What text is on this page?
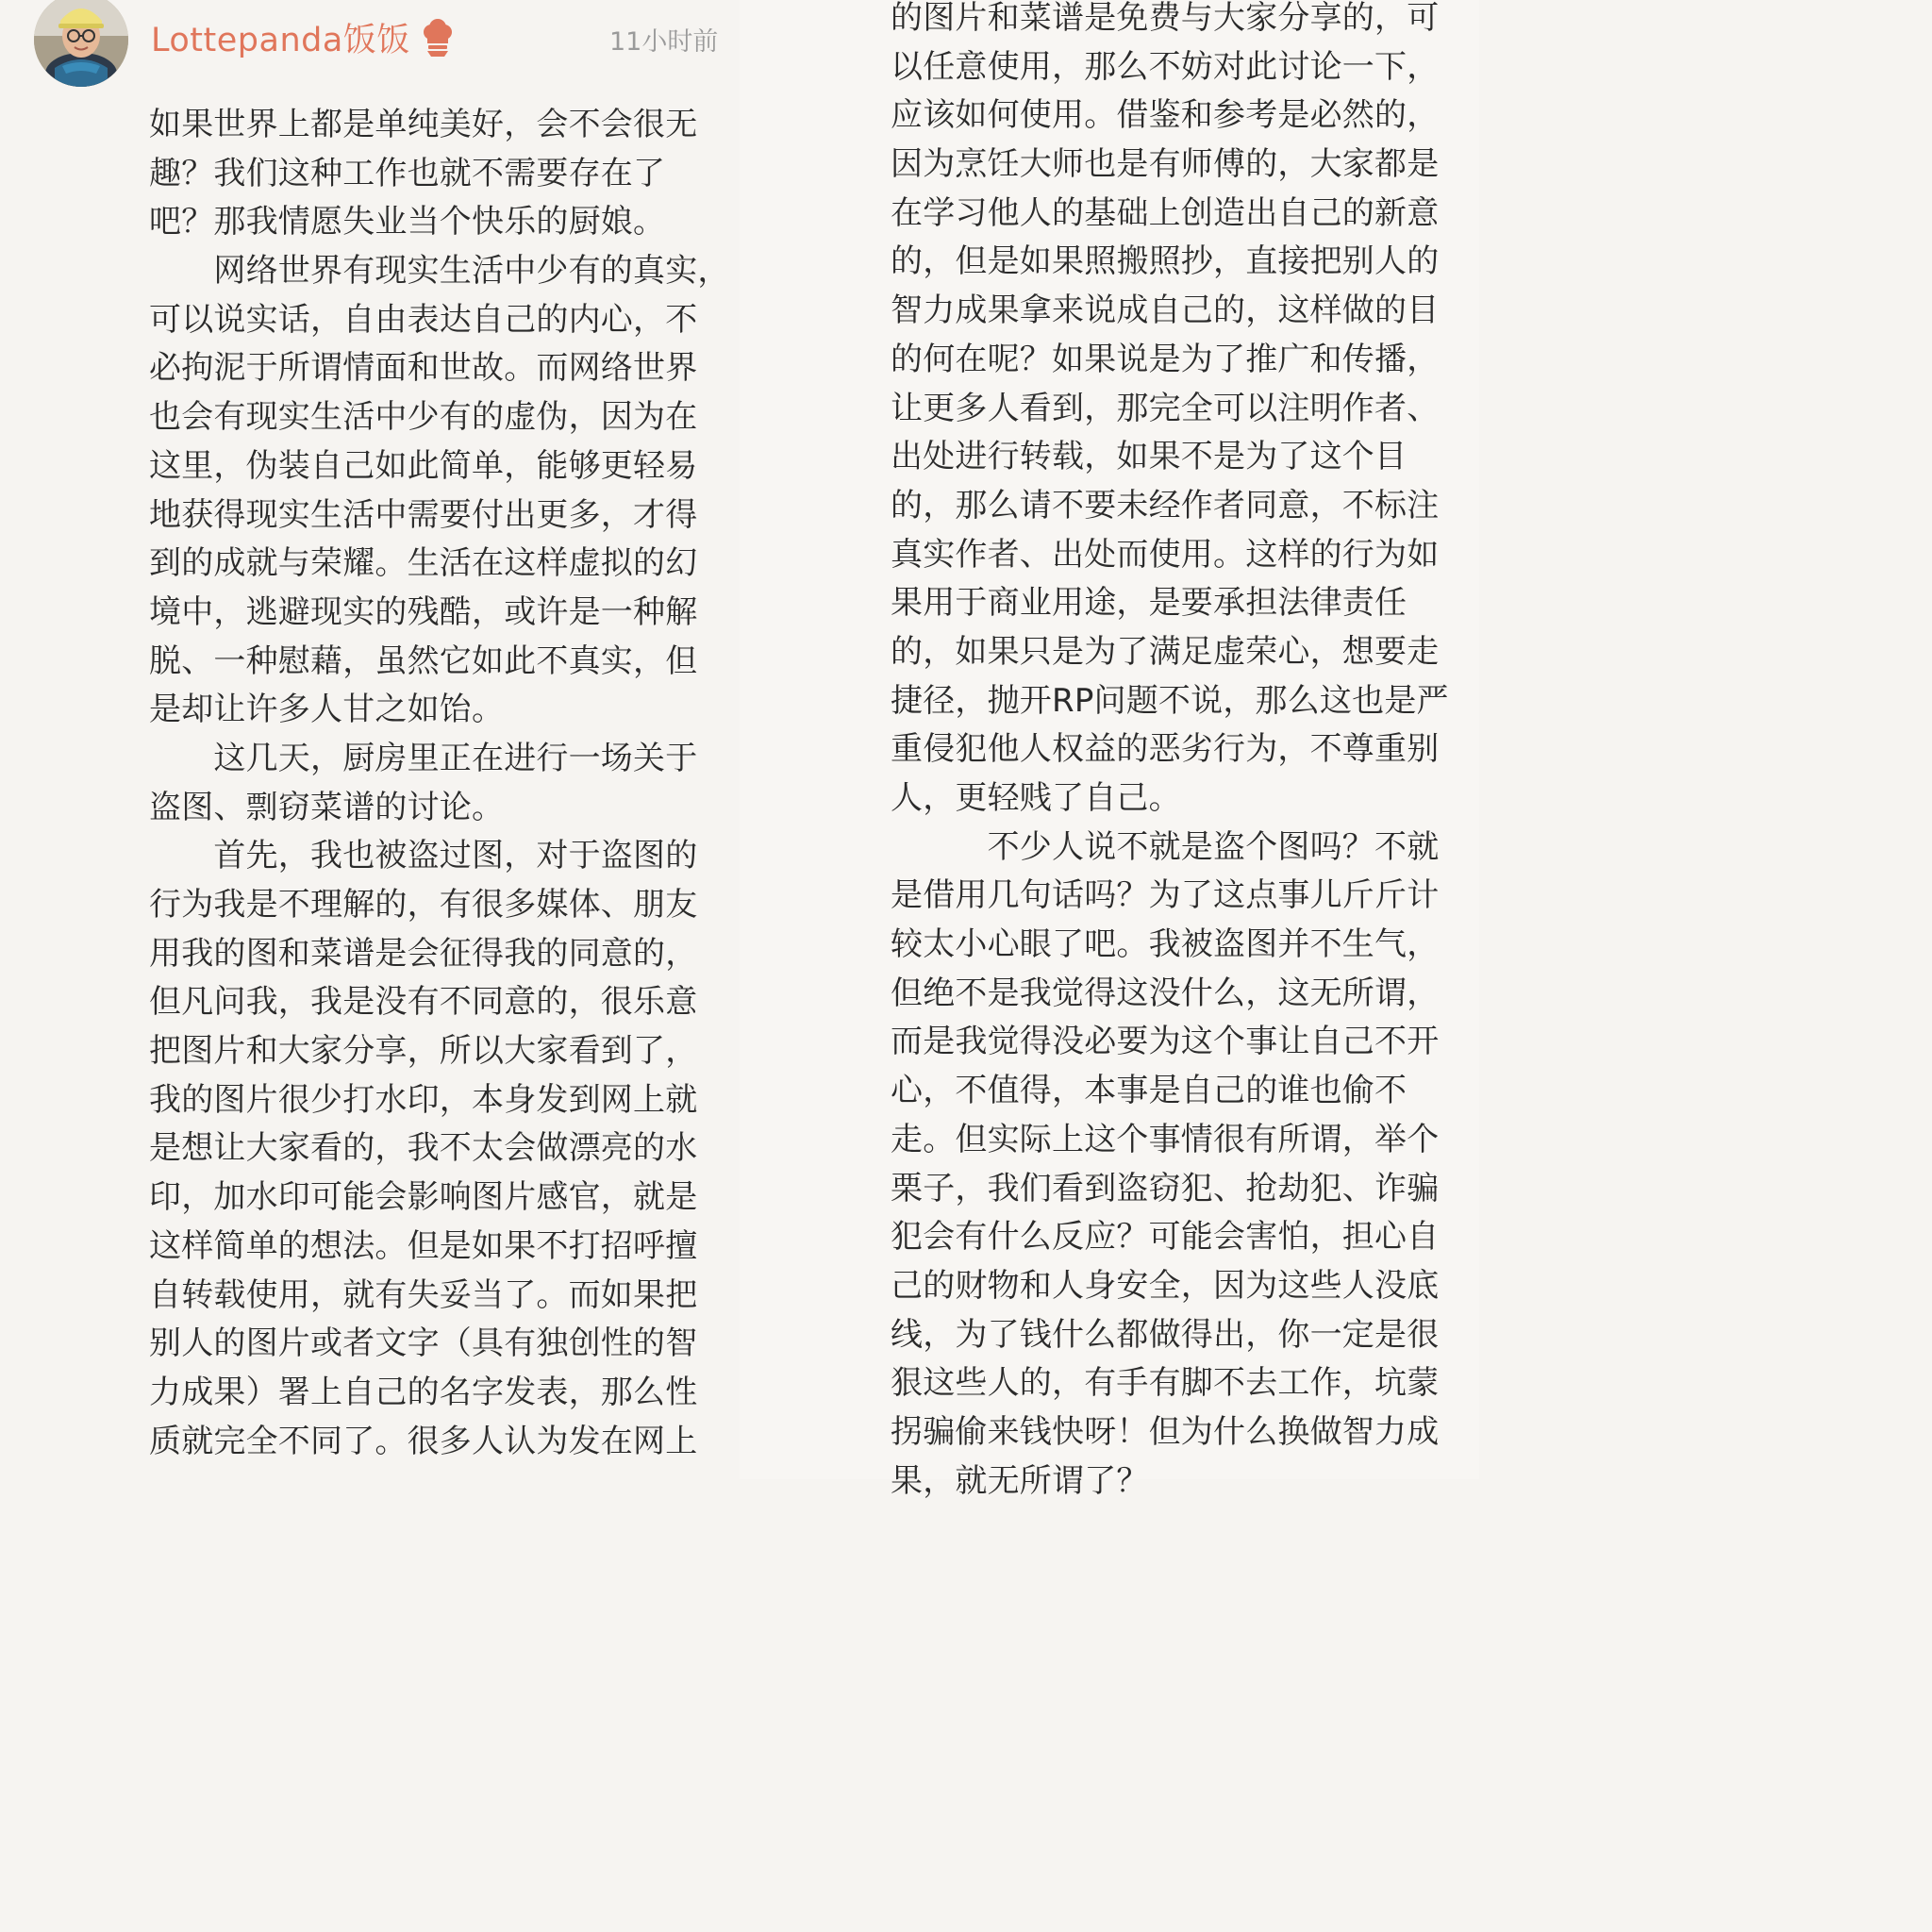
Lottepanda饭饭	11小时前
如果世界上都是单纯美好，会不会很无
趣？我们这种工作也就不需要存在了
吧？那我情愿失业当个快乐的厨娘。
　　网络世界有现实生活中少有的真实，
可以说实话，自由表达自己的内心，不
必拘泥于所谓情面和世故。而网络世界
也会有现实生活中少有的虚伪，因为在
这里，伪装自己如此简单，能够更轻易
地获得现实生活中需要付出更多，才得
到的成就与荣耀。生活在这样虚拟的幻
境中，逃避现实的残酷，或许是一种解
脱、一种慰藉，虽然它如此不真实，但
是却让许多人甘之如饴。
　　这几天，厨房里正在进行一场关于
盗图、剽窃菜谱的讨论。
　　首先，我也被盗过图，对于盗图的
行为我是不理解的，有很多媒体、朋友
用我的图和菜谱是会征得我的同意的，
但凡问我，我是没有不同意的，很乐意
把图片和大家分享，所以大家看到了，
我的图片很少打水印，本身发到网上就
是想让大家看的，我不太会做漂亮的水
印，加水印可能会影响图片感官，就是
这样简单的想法。但是如果不打招呼擅
自转载使用，就有失妥当了。而如果把
别人的图片或者文字（具有独创性的智
力成果）署上自己的名字发表，那么性
质就完全不同了。很多人认为发在网上
的图片和菜谱是免费与大家分享的，可
以任意使用，那么不妨对此讨论一下，
应该如何使用。借鉴和参考是必然的，
因为烹饪大师也是有师傅的，大家都是
在学习他人的基础上创造出自己的新意
的，但是如果照搬照抄，直接把别人的
智力成果拿来说成自己的，这样做的目
的何在呢？如果说是为了推广和传播，
让更多人看到，那完全可以注明作者、
出处进行转载，如果不是为了这个目
的，那么请不要未经作者同意，不标注
真实作者、出处而使用。这样的行为如
果用于商业用途，是要承担法律责任
的，如果只是为了满足虚荣心，想要走
捷径，抛开RP问题不说，那么这也是严
重侵犯他人权益的恶劣行为，不尊重别
人，更轻贱了自己。
　　　不少人说不就是盗个图吗？不就
是借用几句话吗？为了这点事儿斤斤计
较太小心眼了吧。我被盗图并不生气，
但绝不是我觉得这没什么，这无所谓，
而是我觉得没必要为这个事让自己不开
心，不值得，本事是自己的谁也偷不
走。但实际上这个事情很有所谓，举个
栗子，我们看到盗窃犯、抢劫犯、诈骗
犯会有什么反应？可能会害怕，担心自
己的财物和人身安全，因为这些人没底
线，为了钱什么都做得出，你一定是很
狠这些人的，有手有脚不去工作，坑蒙
拐骗偷来钱快呀！但为什么换做智力成
果，就无所谓了？
